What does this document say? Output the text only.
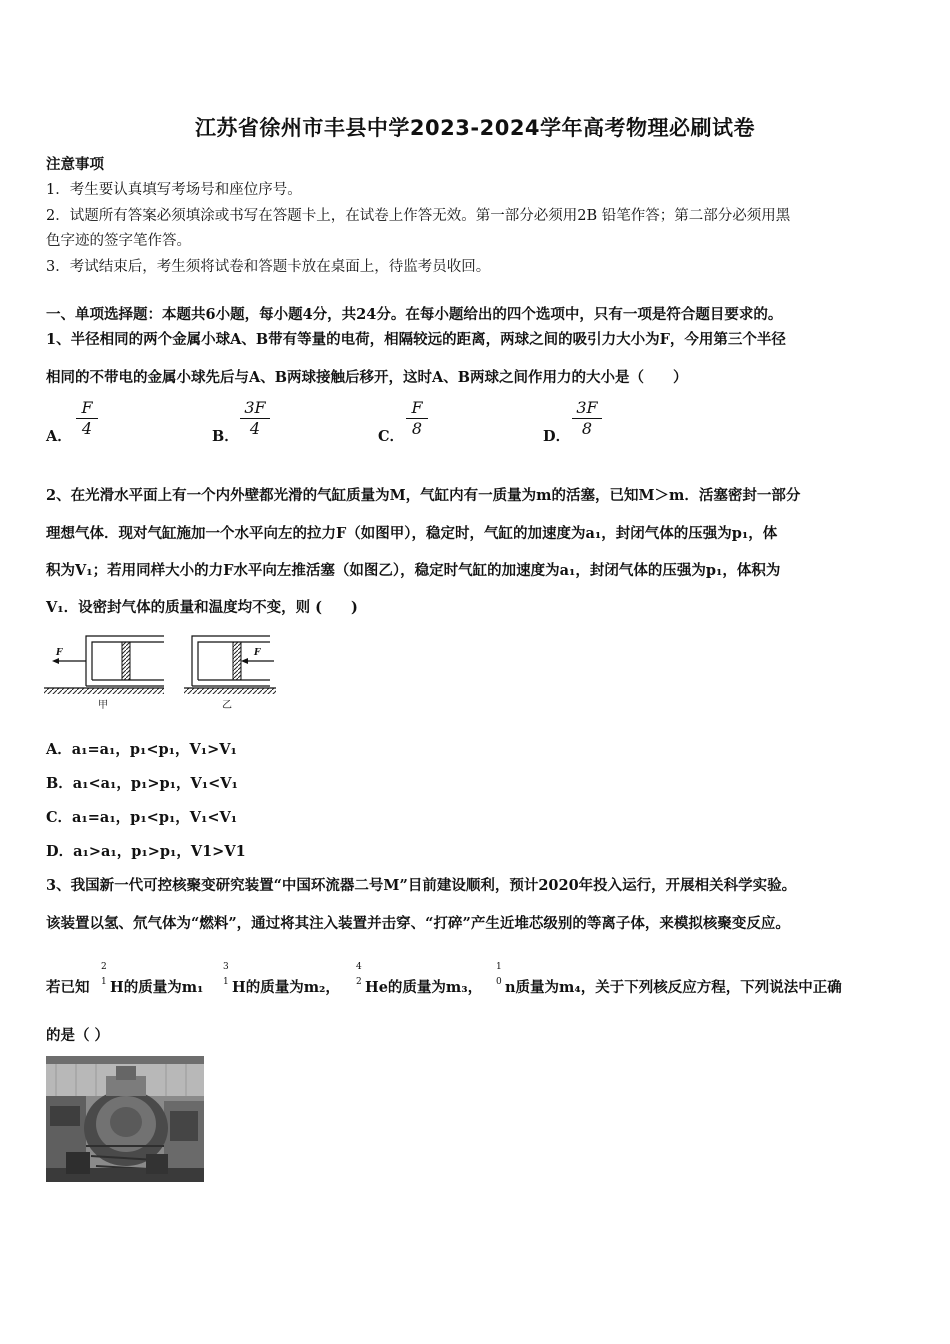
江苏省徐州市丰县中学2023-2024学年高考物理必刷试卷
注意事项
1．考生要认真填写考场号和座位序号。
2．试题所有答案必须填涂或书写在答题卡上，在试卷上作答无效。第一部分必须用2B 铅笔作答；第二部分必须用黑
色字迹的签字笔作答。
3．考试结束后，考生须将试卷和答题卡放在桌面上，待监考员收回。
一、单项选择题：本题共6小题，每小题4分，共24分。在每小题给出的四个选项中，只有一项是符合题目要求的。
1、半径相同的两个金属小球A、B带有等量的电荷，相隔较远的距离，两球之间的吸引力大小为F，今用第三个半径
相同的不带电的金属小球先后与A、B两球接触后移开，这时A、B两球之间作用力的大小是（　　）
A． $\frac{F}{4}$	B． $\frac{3F}{4}$	C． $\frac{F}{8}$	D． $\frac{3F}{8}$
2、在光滑水平面上有一个内外壁都光滑的气缸质量为M，气缸内有一质量为m的活塞，已知M＞m．活塞密封一部分
理想气体．现对气缸施加一个水平向左的拉力F（如图甲），稳定时，气缸的加速度为a₁，封闭气体的压强为p₁，体
积为V₁；若用同样大小的力F水平向左推活塞（如图乙），稳定时气缸的加速度为a₁，封闭气体的压强为p₁，体积为
V₁．设密封气体的质量和温度均不变，则 (　　)
F
甲
F
乙
A．a₁=a₁，p₁<p₁，V₁>V₁
B．a₁<a₁，p₁>p₁，V₁<V₁
C．a₁=a₁，p₁<p₁，V₁<V₁
D．a₁>a₁，p₁>p₁，V1>V1
3、我国新一代可控核聚变研究装置“中国环流器二号M”目前建设顺利，预计2020年投入运行，开展相关科学实验。
该装置以氢、氘气体为“燃料”，通过将其注入装置并击穿、“打碎”产生近堆芯级别的等离子体，来模拟核聚变反应。
若已知
2
1 H的质量为m₁
3
1 H的质量为m₂，
4
2 He的质量为m₃，
1
0 n质量为m₄，关于下列核反应方程，下列说法中正确
的是（ ）
